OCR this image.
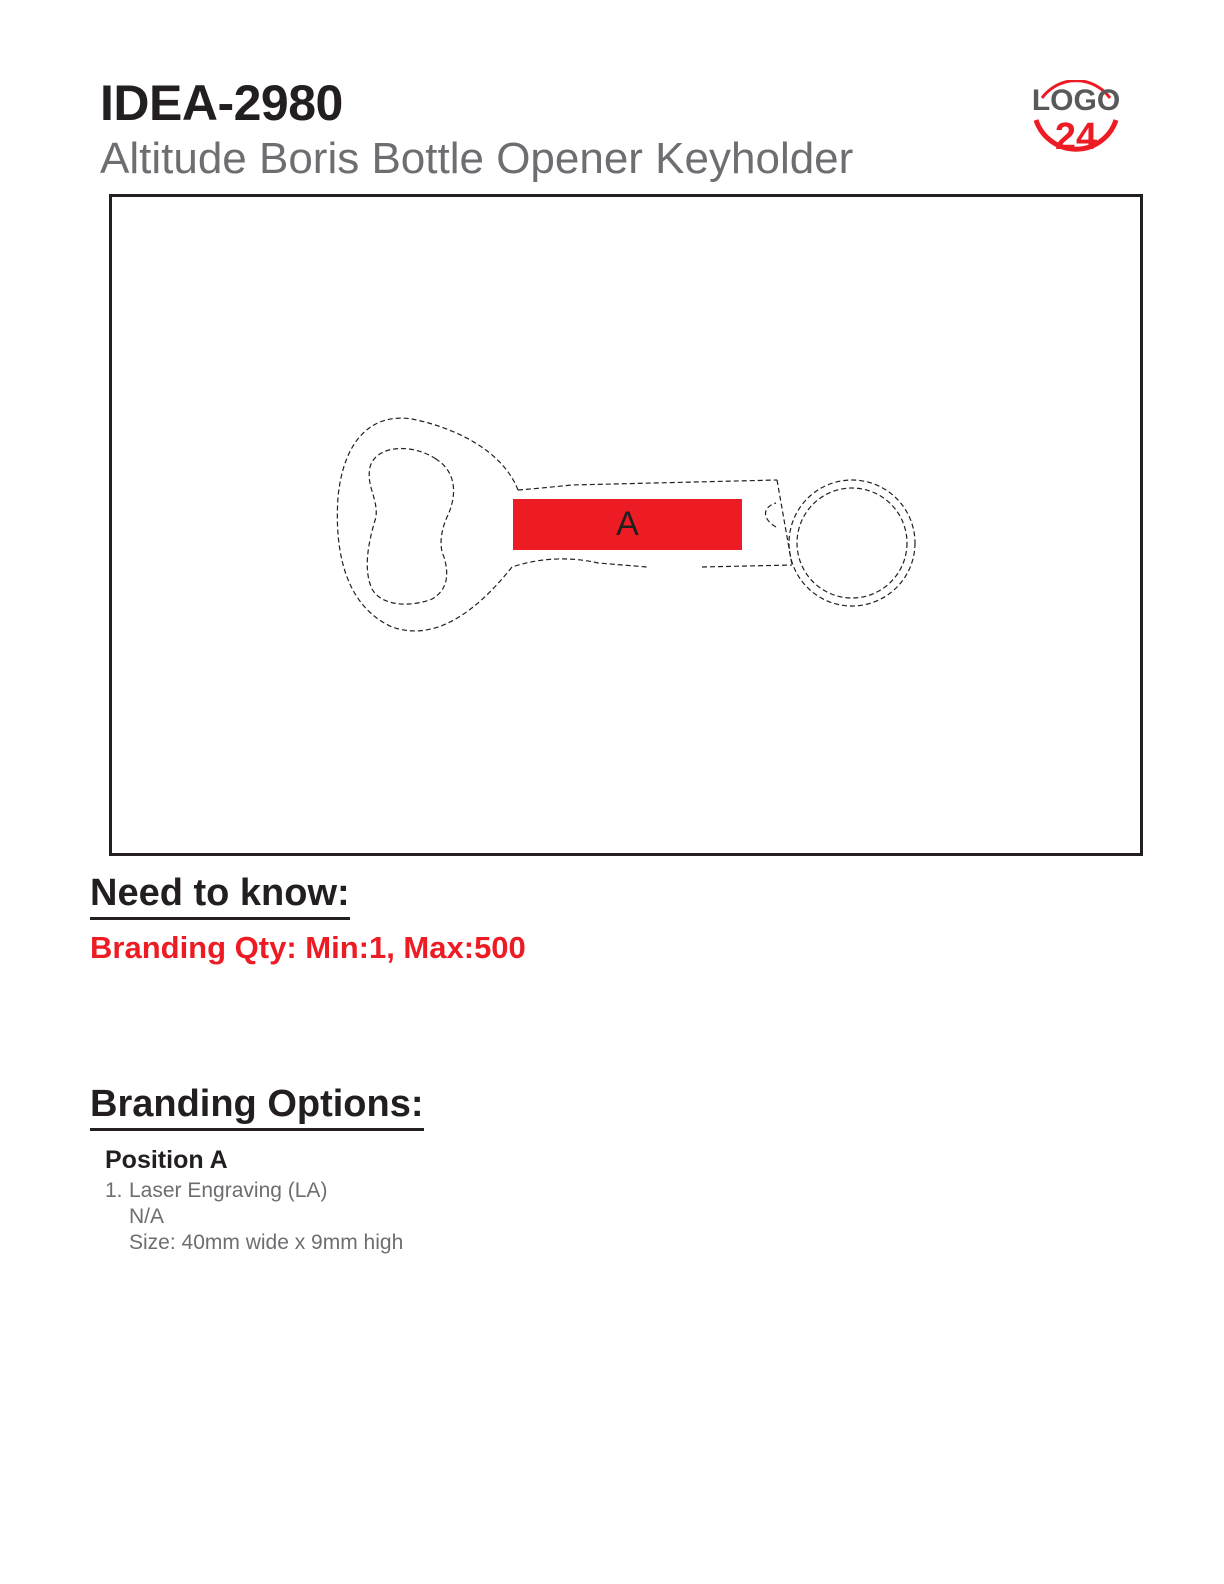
IDEA-2980
Altitude Boris Bottle Opener Keyholder
LOGO
24
A
Need to know:

Branding Qty: Min:1, Max:500

Branding Options:

Position A

1. Laser Engraving (LA)
N/A
Size: 40mm wide x 9mm high
